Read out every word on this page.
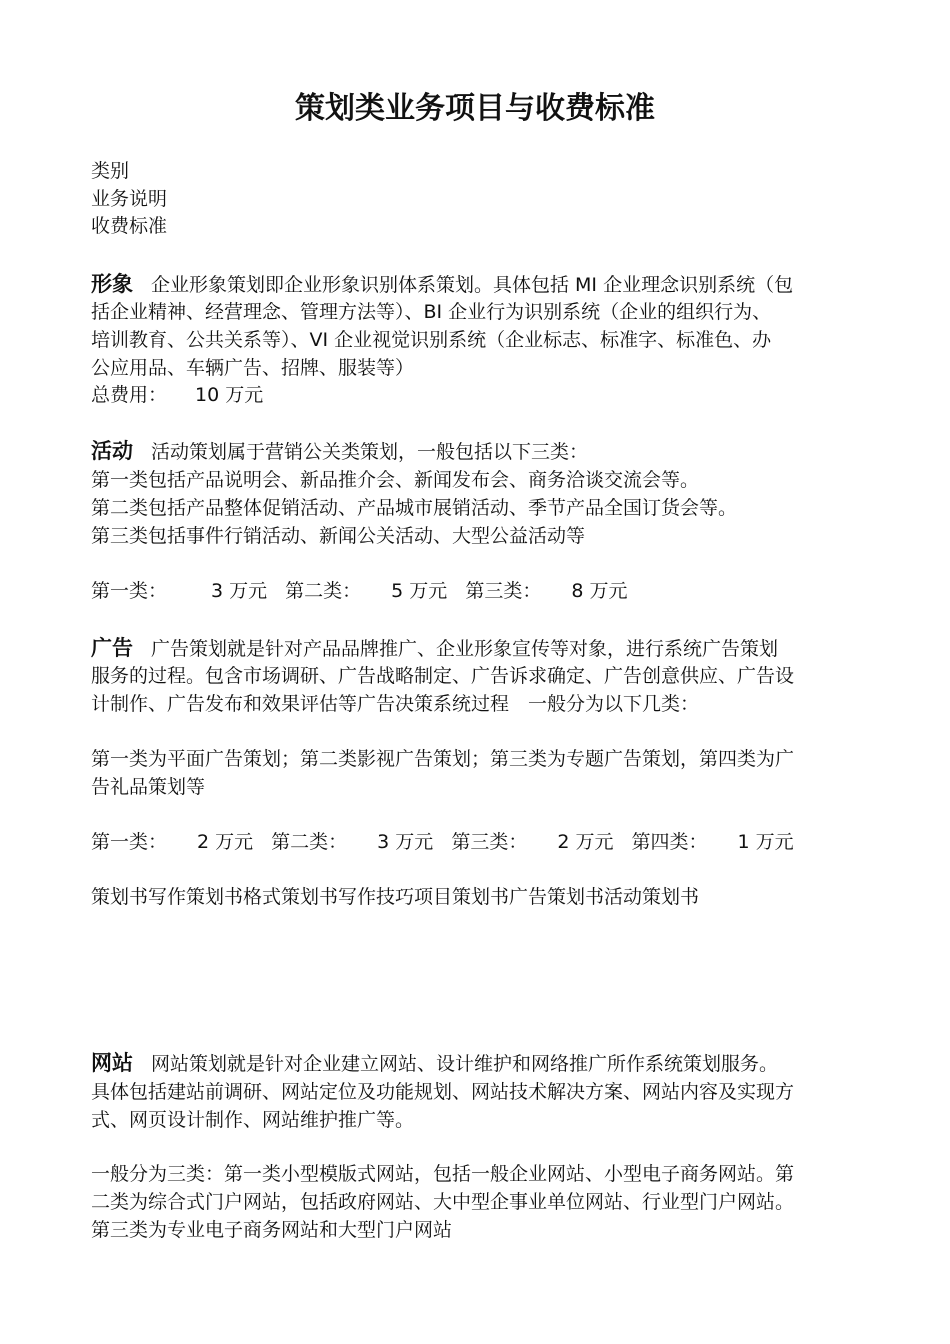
策划类业务项目与收费标准

类别

业务说明

收费标准

形象 企业形象策划即企业形象识别体系策划。具体包括 MI 企业理念识别系统（包

括企业精神、经营理念、管理方法等）、BI 企业行为识别系统（企业的组织行为、

培训教育、公共关系等）、VI 企业视觉识别系统（企业标志、标准字、标准色、办

公应用品、车辆广告、招牌、服装等）

总费用： 10 万元

活动 活动策划属于营销公关类策划，一般包括以下三类：

第一类包括产品说明会、新品推介会、新闻发布会、商务洽谈交流会等。

第二类包括产品整体促销活动、产品城市展销活动、季节产品全国订货会等。

第三类包括事件行销活动、新闻公关活动、大型公益活动等

第一类： 3 万元 第二类： 5 万元 第三类： 8 万元

广告 广告策划就是针对产品品牌推广、企业形象宣传等对象，进行系统广告策划

服务的过程。包含市场调研、广告战略制定、广告诉求确定、广告创意供应、广告设

计制作、广告发布和效果评估等广告决策系统过程　一般分为以下几类：

第一类为平面广告策划；第二类影视广告策划；第三类为专题广告策划，第四类为广

告礼品策划等

第一类： 2 万元 第二类： 3 万元 第三类： 2 万元 第四类： 1 万元

策划书写作策划书格式策划书写作技巧项目策划书广告策划书活动策划书

网站 网站策划就是针对企业建立网站、设计维护和网络推广所作系统策划服务。

具体包括建站前调研、网站定位及功能规划、网站技术解决方案、网站内容及实现方

式、网页设计制作、网站维护推广等。

一般分为三类：第一类小型模版式网站，包括一般企业网站、小型电子商务网站。第

二类为综合式门户网站，包括政府网站、大中型企事业单位网站、行业型门户网站。

第三类为专业电子商务网站和大型门户网站
